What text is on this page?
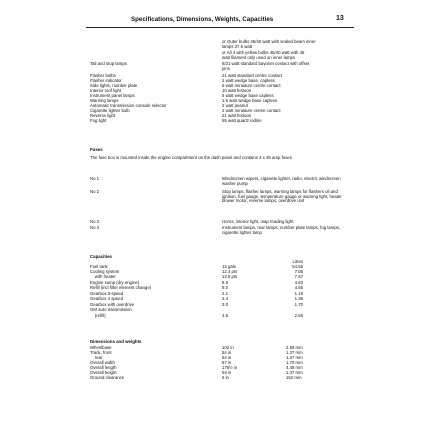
Specifications, Dimensions, Weights, Capacities	13
or Outer bulbs 45/40 watt with sealed beam inner
lamps 37.5 watt
or All 4 with yellow bulbs 45/40 watt with 45
watt filament only used on inner lamps
Tail and stop lamps	6/21 watt standard bayonet contact with offset
pins
Flasher bulbs	21 watt standard centre contact
Flasher indicator	2 watt wedge base, capless
Side lights, number plate	6 watt miniature centre contact
Interior roof light	10 watt festoon
Instrument panel lamps	5 watt wedge base capless
Warning lamps	1.5 watt wedge base capless
Automatic transmission console selector	2 watt peanut
Cigarette lighter bulb	2 watt miniature centre contact
Reverse light	21 watt festoon
Fog light	55 watt quartz iodine
Fuses
The fuse box is mounted inside the engine compartment on the dash panel and contains 4 x 35 amp fuses
No 1	Windscreen wipers, cigarette lighter, radio, electric windscreen washer pump
No 2	Stop lamps, flasher lamps, warning lamps for flashers oil and ignition, fuel gauge, temperature gauge or warning light, heater blower motor, reverse lamps, overdrive unit
No 3	Horns, interior light, map reading light
No 4	Instrument lamps, rear lamps, number plate lamps, fog lamps, cigarette lighter lamp
Capacities
Litres
Fuel tank	12 gals	54.55
Cooling system	12.4 pts	7.05
with heater	13.5 pts	7.67
Engine sump (dry engine)	8.5	4.83
Refill (incl filter element change)	8.0	4.55
Gearbox 3-speed	2.1	1.19
Gearbox 4 speed	2.4	1.36
Gearbox with overdrive	3.0	1.70
GM auto transmission
(refill)	4.5	2.56
Dimensions and weights
Wheelbase	102 in	2.59 mm
Track, front	54 in	1.37 mm
rear	54 in	1.37 mm
Overall width	67 in	1.70 mm
Overall length	176½ in	4.48 mm
Overall height	54 in	1.37 mm
Ground clearance	6 in	152 mm
